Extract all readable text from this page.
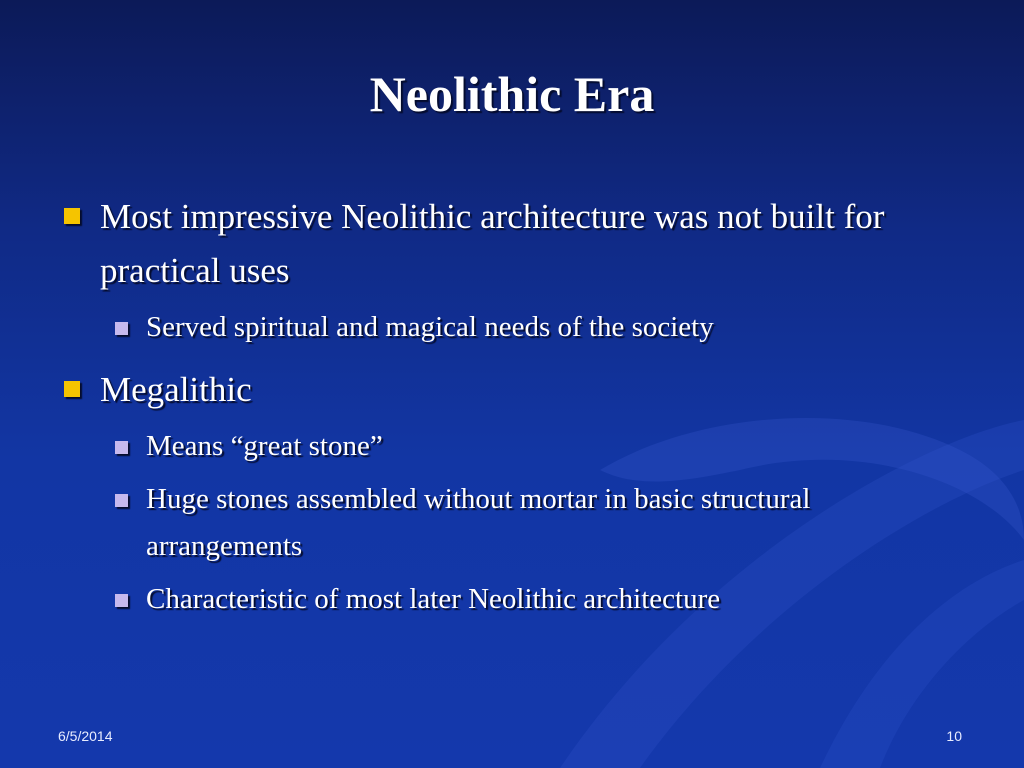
Neolithic Era
Most impressive Neolithic architecture was not built for practical uses
Served spiritual and magical needs of the society
Megalithic
Means “great stone”
Huge stones assembled without mortar in basic structural arrangements
Characteristic of most later Neolithic architecture
6/5/2014	10
